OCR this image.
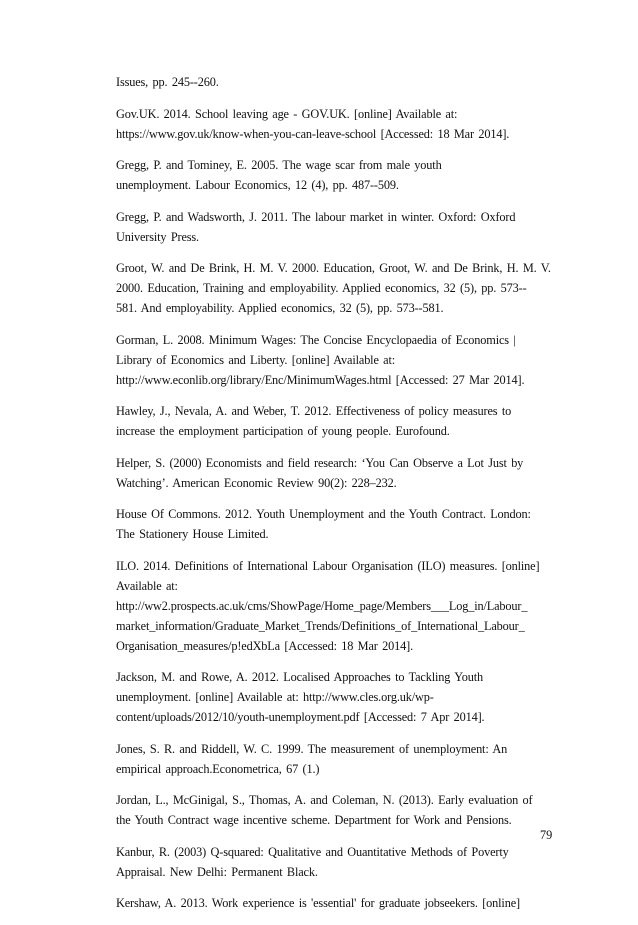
Issues, pp. 245--260.
Gov.UK. 2014. School leaving age - GOV.UK. [online] Available at:
https://www.gov.uk/know-when-you-can-leave-school [Accessed: 18 Mar 2014].
Gregg, P. and Tominey, E. 2005. The wage scar from male youth
unemployment. Labour Economics, 12 (4), pp. 487--509.
Gregg, P. and Wadsworth, J. 2011. The labour market in winter. Oxford: Oxford
University Press.
Groot, W. and De Brink, H. M. V. 2000. Education, Groot, W. and De Brink, H. M. V.
2000. Education, Training and employability. Applied economics, 32 (5), pp. 573--
581. And employability. Applied economics, 32 (5), pp. 573--581.
Gorman, L. 2008. Minimum Wages: The Concise Encyclopaedia of Economics |
Library of Economics and Liberty. [online] Available at:
http://www.econlib.org/library/Enc/MinimumWages.html [Accessed: 27 Mar 2014].
Hawley, J., Nevala, A. and Weber, T. 2012. Effectiveness of policy measures to
increase the employment participation of young people. Eurofound.
Helper, S. (2000) Economists and field research: ‘You Can Observe a Lot Just by
Watching’. American Economic Review 90(2): 228–232.
House Of Commons. 2012. Youth Unemployment and the Youth Contract. London:
The Stationery House Limited.
ILO. 2014. Definitions of International Labour Organisation (ILO) measures. [online]
Available at:
http://ww2.prospects.ac.uk/cms/ShowPage/Home_page/Members___Log_in/Labour_
market_information/Graduate_Market_Trends/Definitions_of_International_Labour_
Organisation_measures/p!edXbLa [Accessed: 18 Mar 2014].
Jackson, M. and Rowe, A. 2012. Localised Approaches to Tackling Youth
unemployment. [online] Available at: http://www.cles.org.uk/wp-
content/uploads/2012/10/youth-unemployment.pdf [Accessed: 7 Apr 2014].
Jones, S. R. and Riddell, W. C. 1999. The measurement of unemployment: An
empirical approach.Econometrica, 67 (1.)
Jordan, L., McGinigal, S., Thomas, A. and Coleman, N. (2013). Early evaluation of
the Youth Contract wage incentive scheme. Department for Work and Pensions.
Kanbur, R. (2003) Q-squared: Qualitative and Ouantitative Methods of Poverty
Appraisal. New Delhi: Permanent Black.
Kershaw, A. 2013. Work experience is 'essential' for graduate jobseekers. [online]
79
